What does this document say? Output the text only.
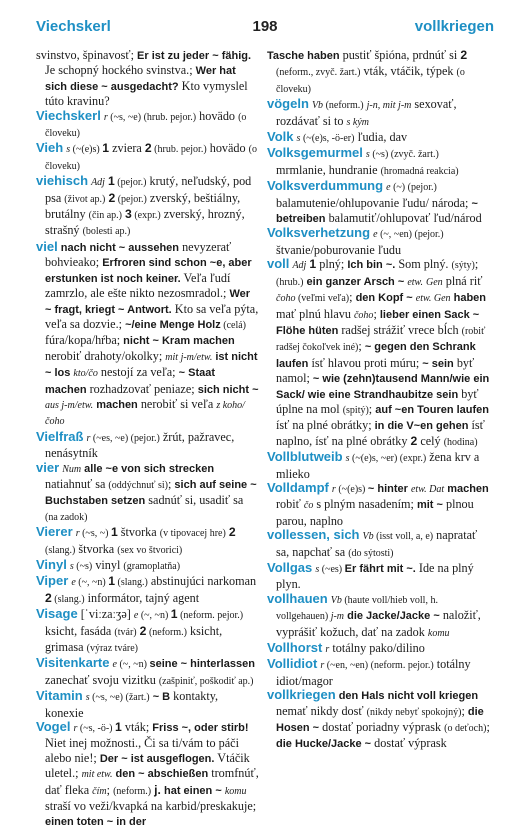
Viechskerl	198	vollkriegen

svinstvo, špinavosť; Er ist zu jeder ~ fähig. Je schopný hockého svinstva.; Wer hat sich diese ~ ausgedacht? Kto vymyslel túto kravinu?

Viechskerl r (~s, ~e) (hrub. pejor.) hovädo (o človeku)

Vieh s (~(e)s) 1 zviera 2 (hrub. pejor.) hovädo (o človeku)

viehisch Adj 1 (pejor.) krutý, neľudský, pod psa (život ap.) 2 (pejor.) zverský, beštiálny, brutálny (čin ap.) 3 (expr.) zverský, hrozný, strašný (bolesti ap.)

viel nach nicht ~ aussehen nevyzerať bohvieako; Erfroren sind schon ~e, aber erstunken ist noch keiner. Veľa ľudí zamrzlo, ale ešte nikto nezosmradol.; Wer ~ fragt, kriegt ~ Antwort. Kto sa veľa pýta, veľa sa dozvie.; ~/eine Menge Holz (celá) fúra/kopa/hŕba; nicht ~ Kram machen nerobiť drahoty/okolky; mit j-m/etw. ist nicht ~ los kto/čo nestojí za veľa; ~ Staat machen rozhadzovať peniaze; sich nicht ~ aus j-m/etw. machen nerobiť si veľa z koho/čoho

Vielfraß r (~es, ~e) (pejor.) žrút, pažravec, nenásytník

vier Num alle ~e von sich strecken natiahnuť sa (oddýchnuť si); sich auf seine ~ Buchstaben setzen sadnúť si, usadiť sa (na zadok)

Vierer r (~s, ~) 1 štvorka (v tipovacej hre) 2 (slang.) štvorka (sex vo štvorici)

Vinyl s (~s) vinyl (gramoplatňa)

Viper e (~, ~n) 1 (slang.) abstinujúci narkoman 2 (slang.) informátor, tajný agent

Visage [ˈviːzaːʒə] e (~, ~n) 1 (neform. pejor.) ksicht, fasáda (tvár) 2 (neform.) ksicht, grimasa (výraz tváre)

Visitenkarte e (~, ~n) seine ~ hinterlassen zanechať svoju vizitku (zašpiniť, poškodiť ap.)

Vitamin s (~s, ~e) (žart.) ~ B kontakty, konexie

Vogel r (~s, -ö-) 1 vták; Friss ~, oder stirb! Niet inej možnosti., Či sa ti/vám to páči alebo nie!; Der ~ ist ausgeflogen. Vtáčik uletel.; mit etw. den ~ abschießen tromfnúť, dať fleka čím; (neform.) j. hat einen ~ komu straší vo veži/kvapká na karbid/preskakuje; einen toten ~ in der

Tasche haben pustiť špióna, prdnúť si 2 (neform., zvyč. žart.) vták, vtáčik, týpek (o človeku)

vögeln Vb (neform.) j-n, mit j-m sexovať, rozdávať si to s kým

Volk s (~(e)s, -ö-er) ľudia, dav

Volksgemurmel s (~s) (zvyč. žart.) mrmlanie, hundranie (hromadná reakcia)

Volksverdummung e (~) (pejor.) balamutenie/ohlupovanie ľudu/ národa; ~ betreiben balamutiť/ohlupovať ľud/národ

Volksverhetzung e (~, ~en) (pejor.) štvanie/poburovanie ľudu

voll Adj 1 plný; Ich bin ~. Som plný. (sýty); (hrub.) ein ganzer Arsch ~ etw. Gen plná riť čoho (veľmi veľa); den Kopf ~ etw. Gen haben mať plnú hlavu čoho; lieber einen Sack ~ Flöhe hüten radšej strážiť vrece bĺch (robiť radšej čokoľvek iné); ~ gegen den Schrank laufen ísť hlavou proti múru; ~ sein byť namol; ~ wie (zehn)tausend Mann/wie ein Sack/ wie eine Strandhaubitze sein byť úplne na mol (spitý); auf ~en Touren laufen ísť na plné obrátky; in die V~en gehen ísť naplno, ísť na plné obrátky 2 celý (hodina)

Vollblutweib s (~(e)s, ~er) (expr.) žena krv a mlieko

Volldampf r (~(e)s) ~ hinter etw. Dat machen robiť čo s plným nasadením; mit ~ plnou parou, naplno

vollessen, sich Vb (isst voll, a, e) napratať sa, napchať sa (do sýtosti)

Vollgas s (~es) Er fährt mit ~. Ide na plný plyn.

vollhauen Vb (haute voll/hieb voll, h. vollgehauen) j-m die Jacke/Jacke ~ naložiť, vyprášiť kožuch, dať na zadok komu

Vollhorst r totálny pako/dilino

Vollidiot r (~en, ~en) (neform. pejor.) totálny idiot/magor

vollkriegen den Hals nicht voll kriegen nemať nikdy dosť (nikdy nebyť spokojný); die Hosen ~ dostať poriadny výprask (o deťoch); die Hucke/Jacke ~ dostať výprask
